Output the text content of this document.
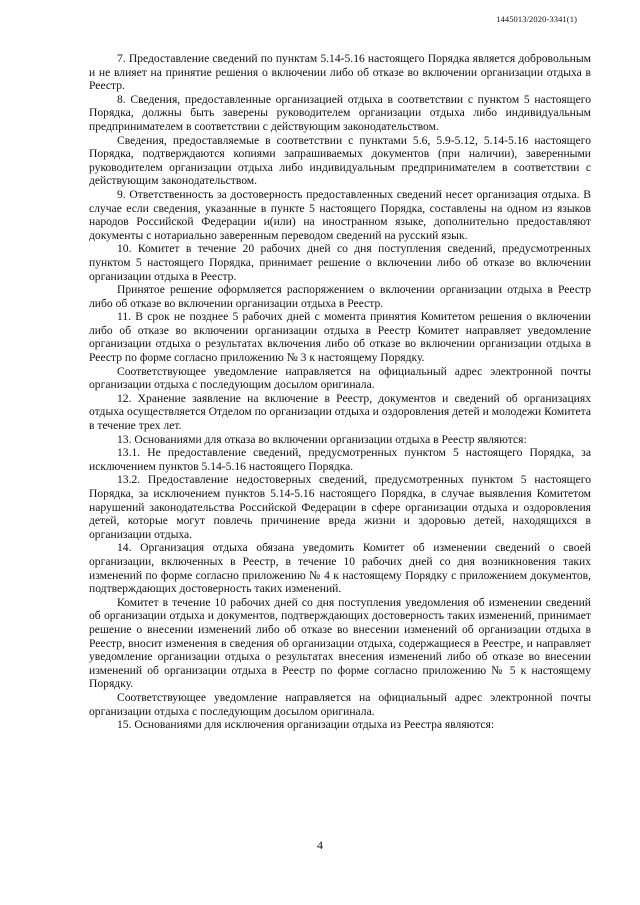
1445013/2020-3341(1)

7. Предоставление сведений по пунктам 5.14-5.16 настоящего Порядка является добровольным и не влияет на принятие решения о включении либо об отказе во включении организации отдыха в Реестр.

8. Сведения, предоставленные организацией отдыха в соответствии с пунктом 5 настоящего Порядка, должны быть заверены руководителем организации отдыха либо индивидуальным предпринимателем в соответствии с действующим законодательством.

Сведения, предоставляемые в соответствии с пунктами 5.6, 5.9-5.12, 5.14-5.16 настоящего Порядка, подтверждаются копиями запрашиваемых документов (при наличии), заверенными руководителем организации отдыха либо индивидуальным предпринимателем в соответствии с действующим законодательством.

9. Ответственность за достоверность предоставленных сведений несет организация отдыха. В случае если сведения, указанные в пункте 5 настоящего Порядка, составлены на одном из языков народов Российской Федерации и(или) на иностранном языке, дополнительно предоставляют документы с нотариально заверенным переводом сведений на русский язык.

10. Комитет в течение 20 рабочих дней со дня поступления сведений, предусмотренных пунктом 5 настоящего Порядка, принимает решение о включении либо об отказе во включении организации отдыха в Реестр.

Принятое решение оформляется распоряжением о включении организации отдыха в Реестр либо об отказе во включении организации отдыха в Реестр.

11. В срок не позднее 5 рабочих дней с момента принятия Комитетом решения о включении либо об отказе во включении организации отдыха в Реестр Комитет направляет уведомление организации отдыха о результатах включения либо об отказе во включении организации отдыха в Реестр по форме согласно приложению № 3 к настоящему Порядку.

Соответствующее уведомление направляется на официальный адрес электронной почты организации отдыха с последующим досылом оригинала.

12. Хранение заявление на включение в Реестр, документов и сведений об организациях отдыха осуществляется Отделом по организации отдыха и оздоровления детей и молодежи Комитета в течение трех лет.

13. Основаниями для отказа во включении организации отдыха в Реестр являются:

13.1. Не предоставление сведений, предусмотренных пунктом 5 настоящего Порядка, за исключением пунктов 5.14-5.16 настоящего Порядка.

13.2. Предоставление недостоверных сведений, предусмотренных пунктом 5 настоящего Порядка, за исключением пунктов 5.14-5.16 настоящего Порядка, в случае выявления Комитетом нарушений законодательства Российской Федерации в сфере организации отдыха и оздоровления детей, которые могут повлечь причинение вреда жизни и здоровью детей, находящихся в организации отдыха.

14. Организация отдыха обязана уведомить Комитет об изменении сведений о своей организации, включенных в Реестр, в течение 10 рабочих дней со дня возникновения таких изменений по форме согласно приложению № 4 к настоящему Порядку с приложением документов, подтверждающих достоверность таких изменений.

Комитет в течение 10 рабочих дней со дня поступления уведомления об изменении сведений об организации отдыха и документов, подтверждающих достоверность таких изменений, принимает решение о внесении изменений либо об отказе во внесении изменений об организации отдыха в Реестр, вносит изменения в сведения об организации отдыха, содержащиеся в Реестре, и направляет уведомление организации отдыха о результатах внесения изменений либо об отказе во внесении изменений об организации отдыха в Реестр по форме согласно приложению № 5 к настоящему Порядку.

Соответствующее уведомление направляется на официальный адрес электронной почты организации отдыха с последующим досылом оригинала.

15. Основаниями для исключения организации отдыха из Реестра являются:

4
